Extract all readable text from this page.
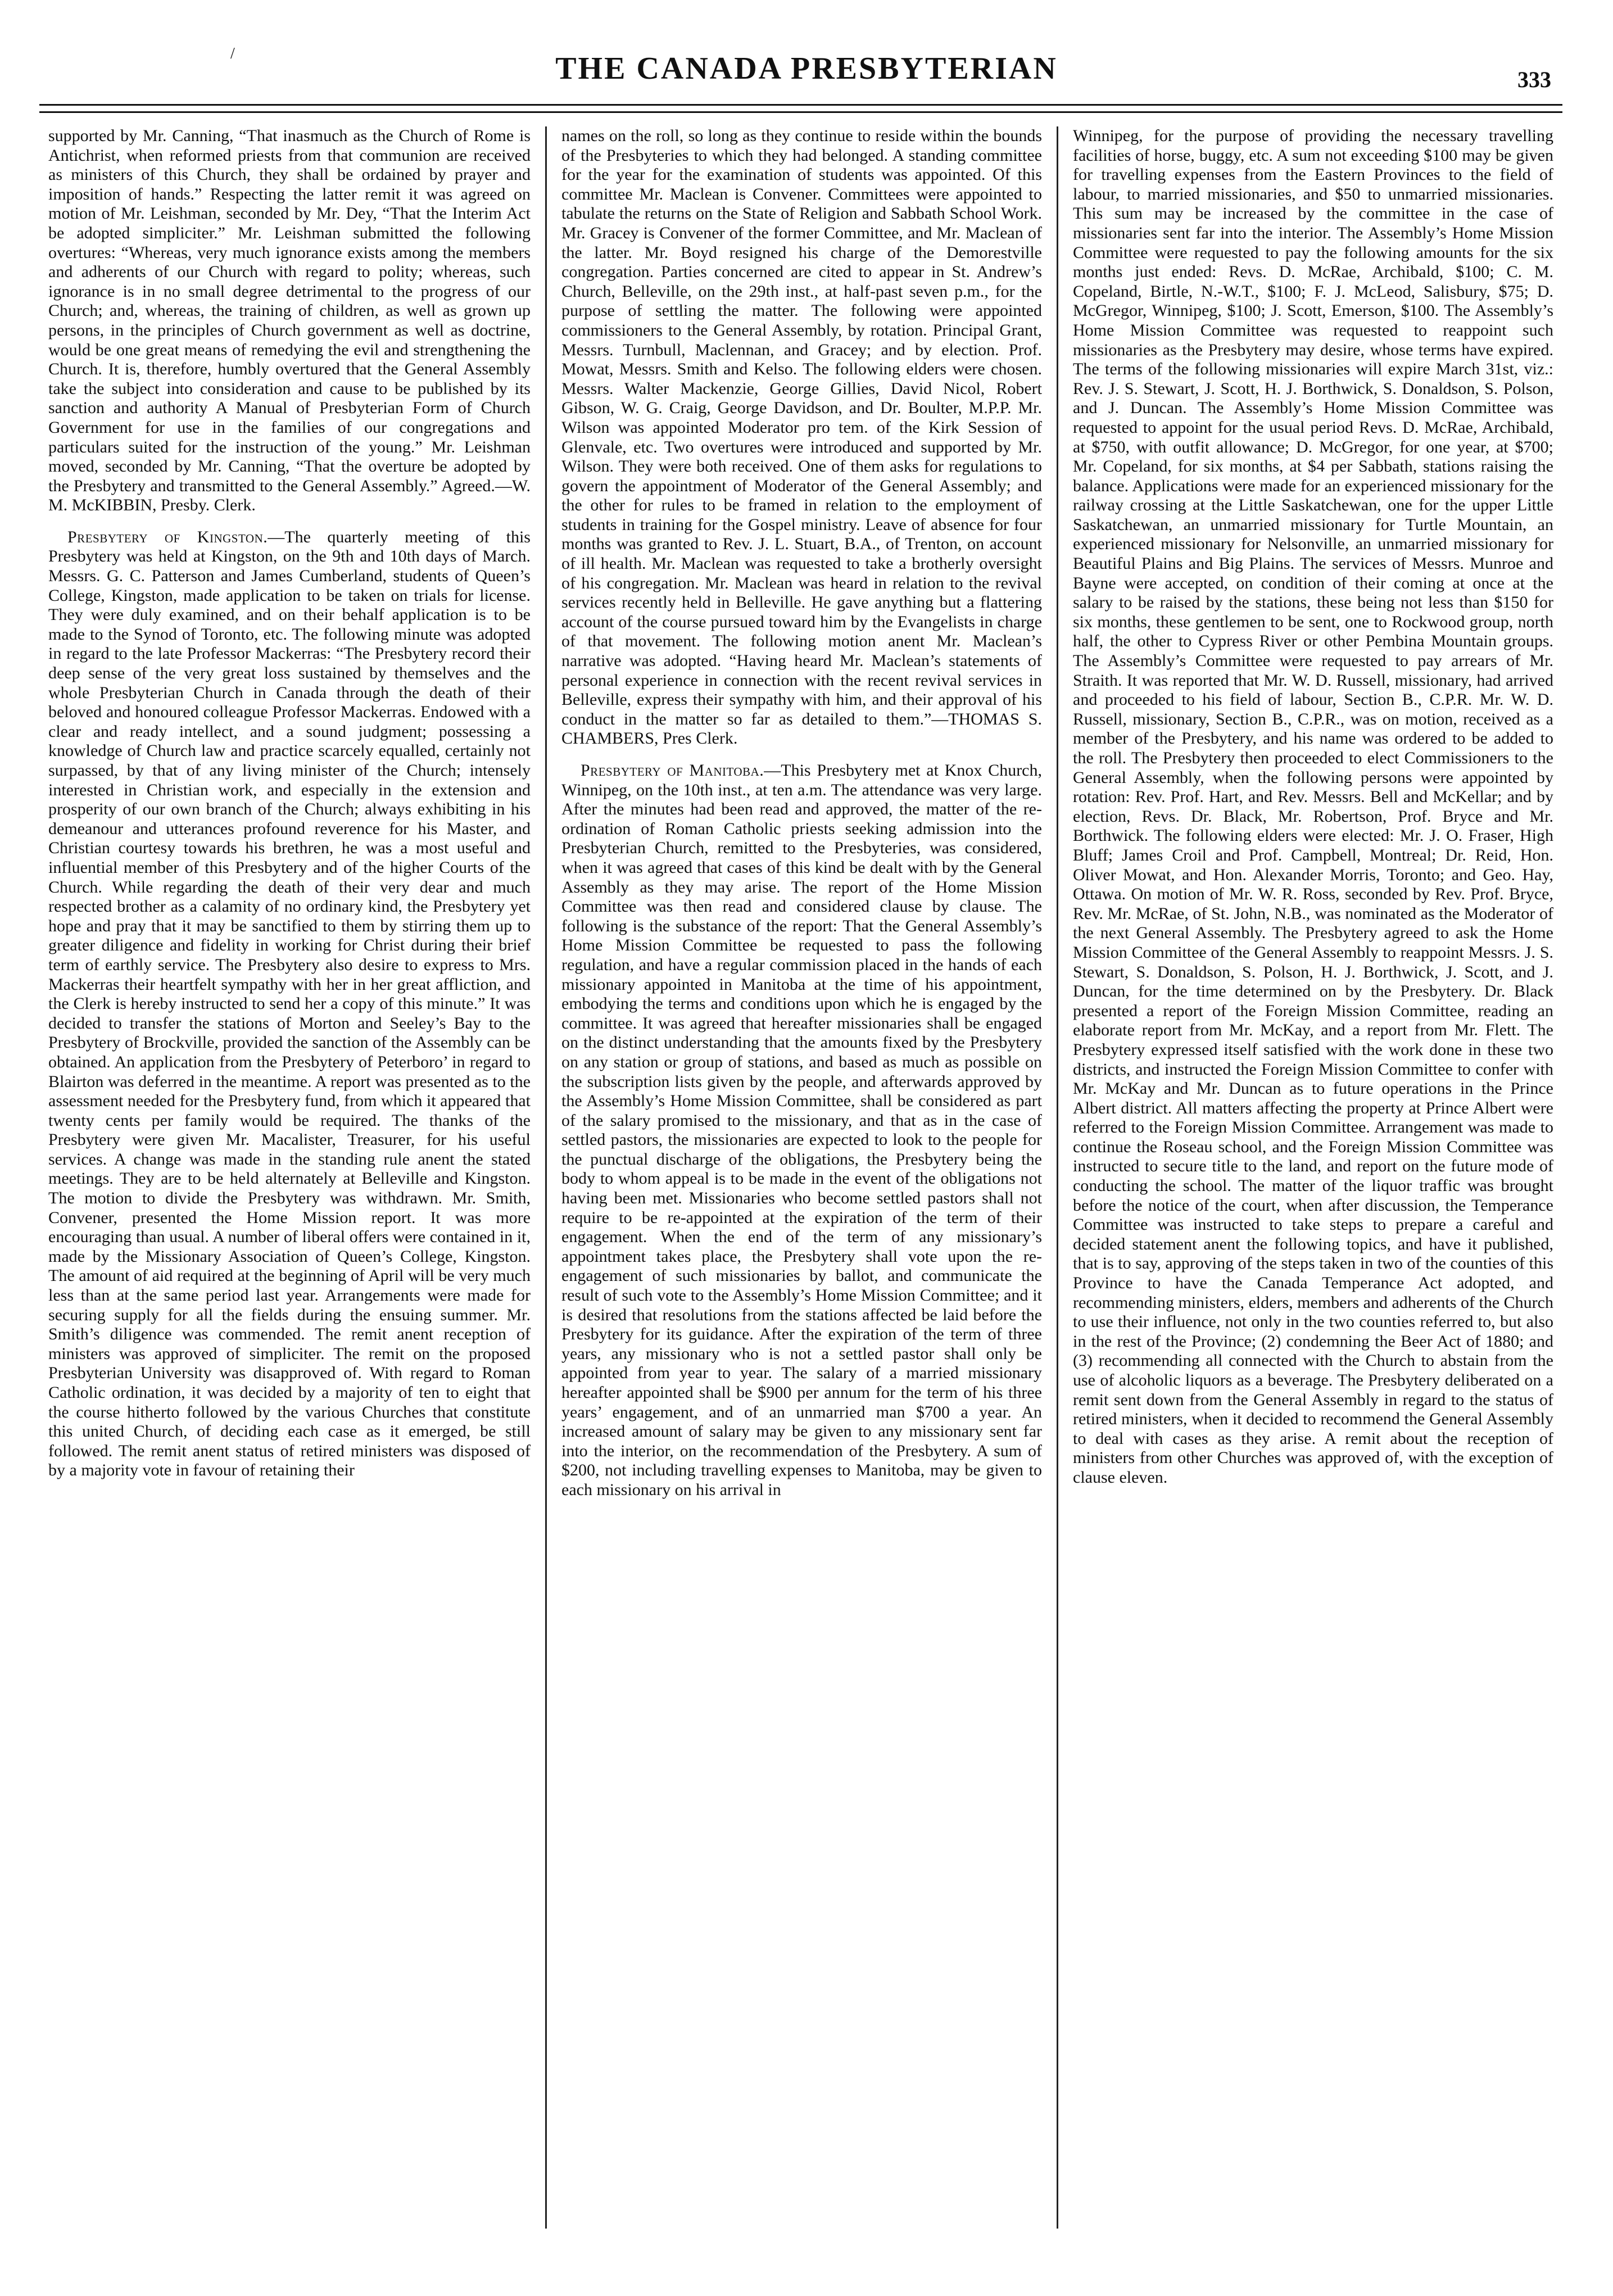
/	THE CANADA PRESBYTERIAN	333

supported by Mr. Canning, “That inasmuch as the Church of Rome is Antichrist, when reformed priests from that communion are received as ministers of this Church, they shall be ordained by prayer and imposition of hands.” Respecting the latter remit it was agreed on motion of Mr. Leishman, seconded by Mr. Dey, “That the Interim Act be adopted simpliciter.” Mr. Leishman submitted the following overtures: “Whereas, very much ignorance exists among the members and adherents of our Church with regard to polity; whereas, such ignorance is in no small degree detrimental to the progress of our Church; and, whereas, the training of children, as well as grown up persons, in the principles of Church government as well as doctrine, would be one great means of remedying the evil and strengthening the Church. It is, therefore, humbly overtured that the General Assembly take the subject into consideration and cause to be published by its sanction and authority A Manual of Presbyterian Form of Church Government for use in the families of our congregations and particulars suited for the instruction of the young.” Mr. Leishman moved, seconded by Mr. Canning, “That the overture be adopted by the Presbytery and transmitted to the General Assembly.” Agreed.—W. M. McKIBBIN, Presby. Clerk.

Presbytery of Kingston.—The quarterly meeting of this Presbytery was held at Kingston, on the 9th and 10th days of March. Messrs. G. C. Patterson and James Cumberland, students of Queen’s College, Kingston, made application to be taken on trials for license. They were duly examined, and on their behalf application is to be made to the Synod of Toronto, etc. The following minute was adopted in regard to the late Professor Mackerras: “The Presbytery record their deep sense of the very great loss sustained by themselves and the whole Presbyterian Church in Canada through the death of their beloved and honoured colleague Professor Mackerras. Endowed with a clear and ready intellect, and a sound judgment; possessing a knowledge of Church law and practice scarcely equalled, certainly not surpassed, by that of any living minister of the Church; intensely interested in Christian work, and especially in the extension and prosperity of our own branch of the Church; always exhibiting in his demeanour and utterances profound reverence for his Master, and Christian courtesy towards his brethren, he was a most useful and influential member of this Presbytery and of the higher Courts of the Church. While regarding the death of their very dear and much respected brother as a calamity of no ordinary kind, the Presbytery yet hope and pray that it may be sanctified to them by stirring them up to greater diligence and fidelity in working for Christ during their brief term of earthly service. The Presbytery also desire to express to Mrs. Mackerras their heartfelt sympathy with her in her great affliction, and the Clerk is hereby instructed to send her a copy of this minute.” It was decided to transfer the stations of Morton and Seeley’s Bay to the Presbytery of Brockville, provided the sanction of the Assembly can be obtained. An application from the Presbytery of Peterboro’ in regard to Blairton was deferred in the meantime. A report was presented as to the assessment needed for the Presbytery fund, from which it appeared that twenty cents per family would be required. The thanks of the Presbytery were given Mr. Macalister, Treasurer, for his useful services. A change was made in the standing rule anent the stated meetings. They are to be held alternately at Belleville and Kingston. The motion to divide the Presbytery was withdrawn. Mr. Smith, Convener, presented the Home Mission report. It was more encouraging than usual. A number of liberal offers were contained in it, made by the Missionary Association of Queen’s College, Kingston. The amount of aid required at the beginning of April will be very much less than at the same period last year. Arrangements were made for securing supply for all the fields during the ensuing summer. Mr. Smith’s diligence was commended. The remit anent reception of ministers was approved of simpliciter. The remit on the proposed Presbyterian University was disapproved of. With regard to Roman Catholic ordination, it was decided by a majority of ten to eight that the course hitherto followed by the various Churches that constitute this united Church, of deciding each case as it emerged, be still followed. The remit anent status of retired ministers was disposed of by a majority vote in favour of retaining their

names on the roll, so long as they continue to reside within the bounds of the Presbyteries to which they had belonged. A standing committee for the year for the examination of students was appointed. Of this committee Mr. Maclean is Convener. Committees were appointed to tabulate the returns on the State of Religion and Sabbath School Work. Mr. Gracey is Convener of the former Committee, and Mr. Maclean of the latter. Mr. Boyd resigned his charge of the Demorestville congregation. Parties concerned are cited to appear in St. Andrew’s Church, Belleville, on the 29th inst., at half-past seven p.m., for the purpose of settling the matter. The following were appointed commissioners to the General Assembly, by rotation. Principal Grant, Messrs. Turnbull, Maclennan, and Gracey; and by election. Prof. Mowat, Messrs. Smith and Kelso. The following elders were chosen. Messrs. Walter Mackenzie, George Gillies, David Nicol, Robert Gibson, W. G. Craig, George Davidson, and Dr. Boulter, M.P.P. Mr. Wilson was appointed Moderator pro tem. of the Kirk Session of Glenvale, etc. Two overtures were introduced and supported by Mr. Wilson. They were both received. One of them asks for regulations to govern the appointment of Moderator of the General Assembly; and the other for rules to be framed in relation to the employment of students in training for the Gospel ministry. Leave of absence for four months was granted to Rev. J. L. Stuart, B.A., of Trenton, on account of ill health. Mr. Maclean was requested to take a brotherly oversight of his congregation. Mr. Maclean was heard in relation to the revival services recently held in Belleville. He gave anything but a flattering account of the course pursued toward him by the Evangelists in charge of that movement. The following motion anent Mr. Maclean’s narrative was adopted. “Having heard Mr. Maclean’s statements of personal experience in connection with the recent revival services in Belleville, express their sympathy with him, and their approval of his conduct in the matter so far as detailed to them.”—THOMAS S. CHAMBERS, Pres Clerk.

Presbytery of Manitoba.—This Presbytery met at Knox Church, Winnipeg, on the 10th inst., at ten a.m. The attendance was very large. After the minutes had been read and approved, the matter of the re-ordination of Roman Catholic priests seeking admission into the Presbyterian Church, remitted to the Presbyteries, was considered, when it was agreed that cases of this kind be dealt with by the General Assembly as they may arise. The report of the Home Mission Committee was then read and considered clause by clause. The following is the substance of the report: That the General Assembly’s Home Mission Committee be requested to pass the following regulation, and have a regular commission placed in the hands of each missionary appointed in Manitoba at the time of his appointment, embodying the terms and conditions upon which he is engaged by the committee. It was agreed that hereafter missionaries shall be engaged on the distinct understanding that the amounts fixed by the Presbytery on any station or group of stations, and based as much as possible on the subscription lists given by the people, and afterwards approved by the Assembly’s Home Mission Committee, shall be considered as part of the salary promised to the missionary, and that as in the case of settled pastors, the missionaries are expected to look to the people for the punctual discharge of the obligations, the Presbytery being the body to whom appeal is to be made in the event of the obligations not having been met. Missionaries who become settled pastors shall not require to be re-appointed at the expiration of the term of their engagement. When the end of the term of any missionary’s appointment takes place, the Presbytery shall vote upon the re-engagement of such missionaries by ballot, and communicate the result of such vote to the Assembly’s Home Mission Committee; and it is desired that resolutions from the stations affected be laid before the Presbytery for its guidance. After the expiration of the term of three years, any missionary who is not a settled pastor shall only be appointed from year to year. The salary of a married missionary hereafter appointed shall be $900 per annum for the term of his three years’ engagement, and of an unmarried man $700 a year. An increased amount of salary may be given to any missionary sent far into the interior, on the recommendation of the Presbytery. A sum of $200, not including travelling expenses to Manitoba, may be given to each missionary on his arrival in

Winnipeg, for the purpose of providing the necessary travelling facilities of horse, buggy, etc. A sum not exceeding $100 may be given for travelling expenses from the Eastern Provinces to the field of labour, to married missionaries, and $50 to unmarried missionaries. This sum may be increased by the committee in the case of missionaries sent far into the interior. The Assembly’s Home Mission Committee were requested to pay the following amounts for the six months just ended: Revs. D. McRae, Archibald, $100; C. M. Copeland, Birtle, N.-W.T., $100; F. J. McLeod, Salisbury, $75; D. McGregor, Winnipeg, $100; J. Scott, Emerson, $100. The Assembly’s Home Mission Committee was requested to reappoint such missionaries as the Presbytery may desire, whose terms have expired. The terms of the following missionaries will expire March 31st, viz.: Rev. J. S. Stewart, J. Scott, H. J. Borthwick, S. Donaldson, S. Polson, and J. Duncan. The Assembly’s Home Mission Committee was requested to appoint for the usual period Revs. D. McRae, Archibald, at $750, with outfit allowance; D. McGregor, for one year, at $700; Mr. Copeland, for six months, at $4 per Sabbath, stations raising the balance. Applications were made for an experienced missionary for the railway crossing at the Little Saskatchewan, one for the upper Little Saskatchewan, an unmarried missionary for Turtle Mountain, an experienced missionary for Nelsonville, an unmarried missionary for Beautiful Plains and Big Plains. The services of Messrs. Munroe and Bayne were accepted, on condition of their coming at once at the salary to be raised by the stations, these being not less than $150 for six months, these gentlemen to be sent, one to Rockwood group, north half, the other to Cypress River or other Pembina Mountain groups. The Assembly’s Committee were requested to pay arrears of Mr. Straith. It was reported that Mr. W. D. Russell, missionary, had arrived and proceeded to his field of labour, Section B., C.P.R. Mr. W. D. Russell, missionary, Section B., C.P.R., was on motion, received as a member of the Presbytery, and his name was ordered to be added to the roll. The Presbytery then proceeded to elect Commissioners to the General Assembly, when the following persons were appointed by rotation: Rev. Prof. Hart, and Rev. Messrs. Bell and McKellar; and by election, Revs. Dr. Black, Mr. Robertson, Prof. Bryce and Mr. Borthwick. The following elders were elected: Mr. J. O. Fraser, High Bluff; James Croil and Prof. Campbell, Montreal; Dr. Reid, Hon. Oliver Mowat, and Hon. Alexander Morris, Toronto; and Geo. Hay, Ottawa. On motion of Mr. W. R. Ross, seconded by Rev. Prof. Bryce, Rev. Mr. McRae, of St. John, N.B., was nominated as the Moderator of the next General Assembly. The Presbytery agreed to ask the Home Mission Committee of the General Assembly to reappoint Messrs. J. S. Stewart, S. Donaldson, S. Polson, H. J. Borthwick, J. Scott, and J. Duncan, for the time determined on by the Presbytery. Dr. Black presented a report of the Foreign Mission Committee, reading an elaborate report from Mr. McKay, and a report from Mr. Flett. The Presbytery expressed itself satisfied with the work done in these two districts, and instructed the Foreign Mission Committee to confer with Mr. McKay and Mr. Duncan as to future operations in the Prince Albert district. All matters affecting the property at Prince Albert were referred to the Foreign Mission Committee. Arrangement was made to continue the Roseau school, and the Foreign Mission Committee was instructed to secure title to the land, and report on the future mode of conducting the school. The matter of the liquor traffic was brought before the notice of the court, when after discussion, the Temperance Committee was instructed to take steps to prepare a careful and decided statement anent the following topics, and have it published, that is to say, approving of the steps taken in two of the counties of this Province to have the Canada Temperance Act adopted, and recommending ministers, elders, members and adherents of the Church to use their influence, not only in the two counties referred to, but also in the rest of the Province; (2) condemning the Beer Act of 1880; and (3) recommending all connected with the Church to abstain from the use of alcoholic liquors as a beverage. The Presbytery deliberated on a remit sent down from the General Assembly in regard to the status of retired ministers, when it decided to recommend the General Assembly to deal with cases as they arise. A remit about the reception of ministers from other Churches was approved of, with the exception of clause eleven.
